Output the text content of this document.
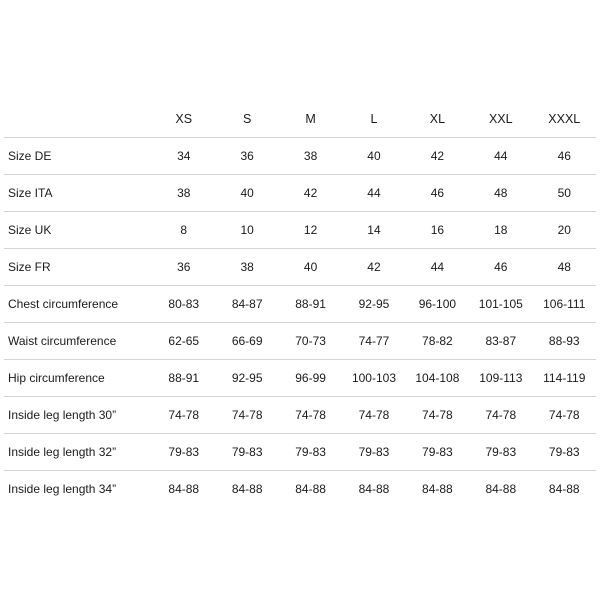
	XS	S	M	L	XL	XXL	XXXL
Size DE	34	36	38	40	42	44	46
Size ITA	38	40	42	44	46	48	50
Size UK	8	10	12	14	16	18	20
Size FR	36	38	40	42	44	46	48
Chest circumference	80-83	84-87	88-91	92-95	96-100	101-105	106-111
Waist circumference	62-65	66-69	70-73	74-77	78-82	83-87	88-93
Hip circumference	88-91	92-95	96-99	100-103	104-108	109-113	114-119
Inside leg length 30”	74-78	74-78	74-78	74-78	74-78	74-78	74-78
Inside leg length 32”	79-83	79-83	79-83	79-83	79-83	79-83	79-83
Inside leg length 34”	84-88	84-88	84-88	84-88	84-88	84-88	84-88
